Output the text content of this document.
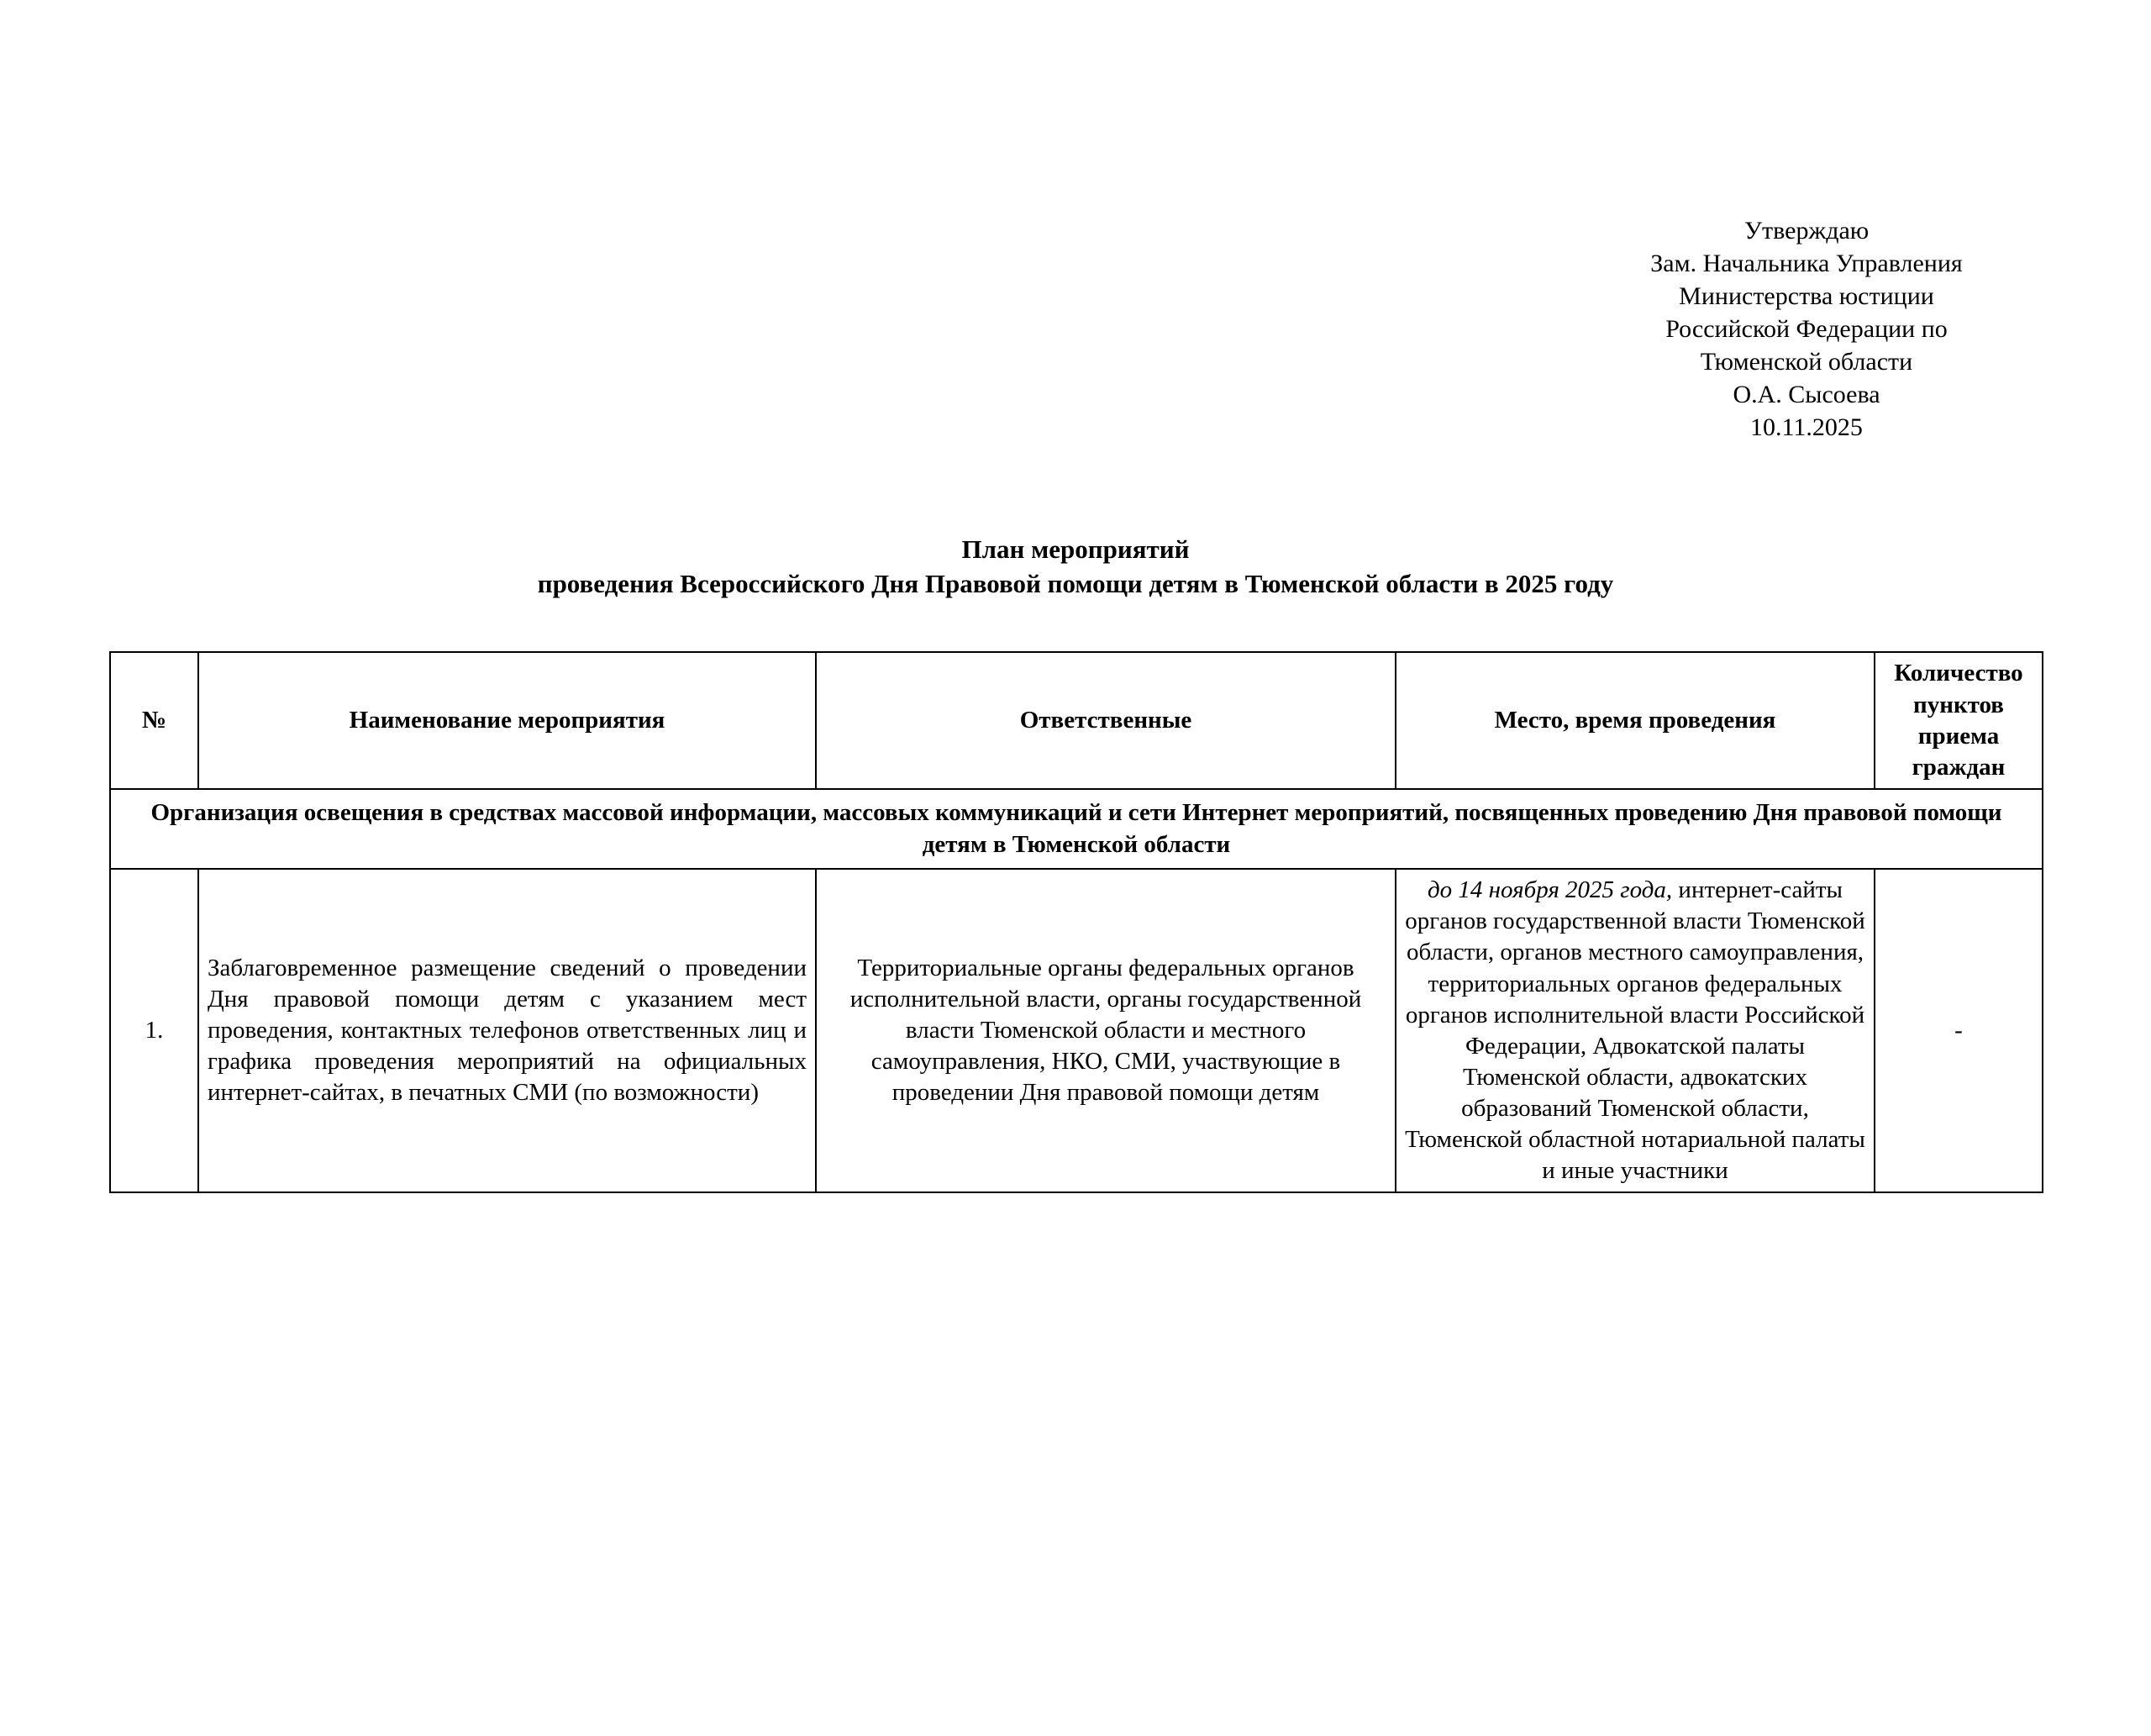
Утверждаю
Зам. Начальника Управления
Министерства юстиции
Российской Федерации по
Тюменской области
О.А. Сысоева
10.11.2025
План мероприятий
проведения Всероссийского Дня Правовой помощи детям в Тюменской области в 2025 году
№	Наименование мероприятия	Ответственные	Место, время проведения	Количество пунктов приема граждан
Организация освещения в средствах массовой информации, массовых коммуникаций и сети Интернет мероприятий, посвященных проведению Дня правовой помощи детям в Тюменской области				
1.	Заблаговременное размещение сведений о проведении Дня правовой помощи детям с указанием мест проведения, контактных телефонов ответственных лиц и графика проведения мероприятий на официальных интернет-сайтах, в печатных СМИ (по возможности)	Территориальные органы федеральных органов исполнительной власти, органы государственной власти Тюменской области и местного самоуправления, НКО, СМИ, участвующие в проведении Дня правовой помощи детям	до 14 ноября 2025 года, интернет-сайты органов государственной власти Тюменской области, органов местного самоуправления, территориальных органов федеральных органов исполнительной власти Российской Федерации, Адвокатской палаты Тюменской области, адвокатских образований Тюменской области, Тюменской областной нотариальной палаты и иные участники	-
